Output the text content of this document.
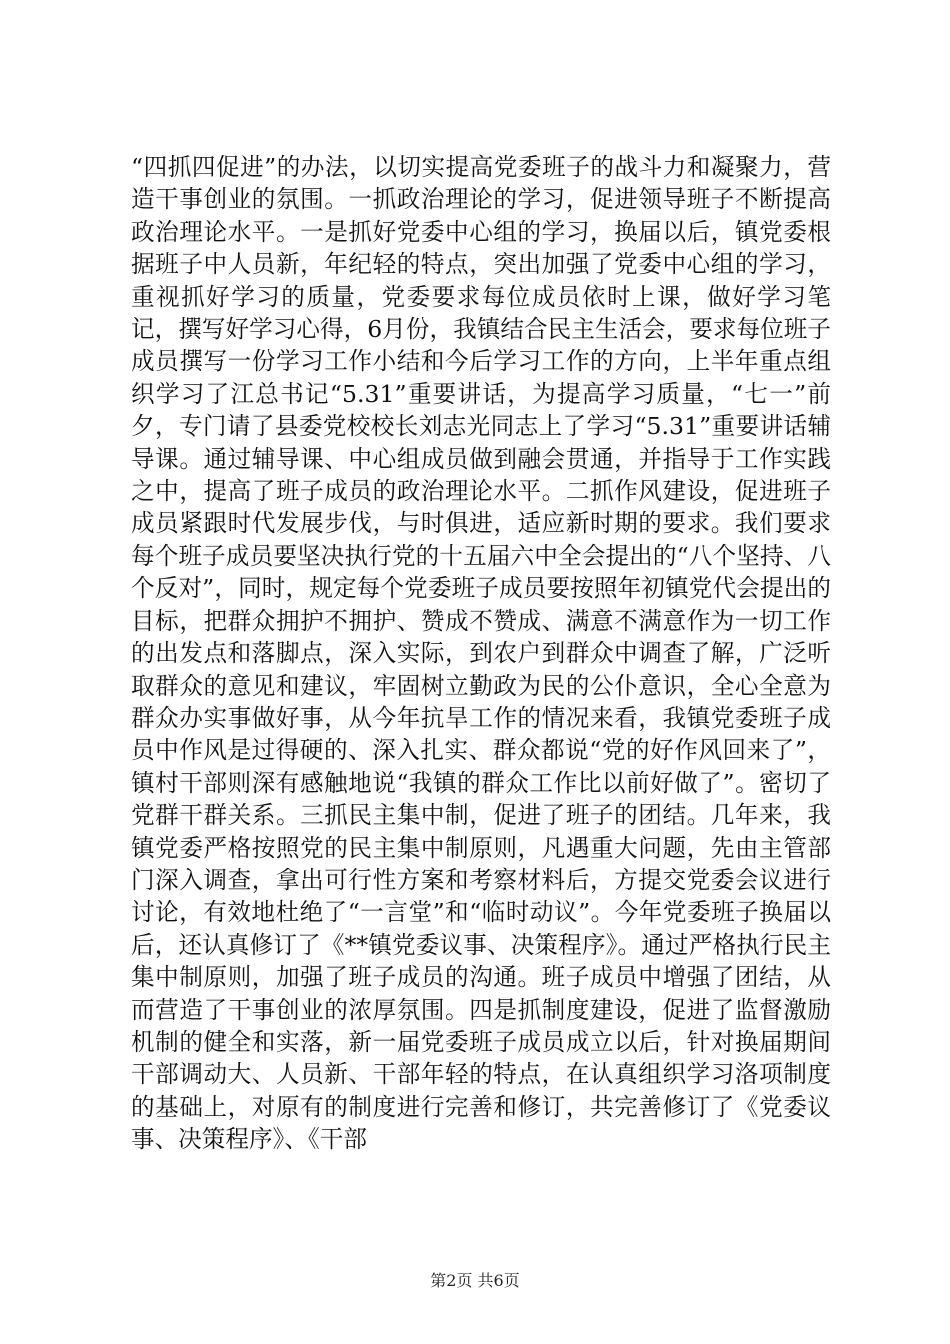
“四抓四促进”的办法，以切实提高党委班子的战斗力和凝聚力，营造干事创业的氛围。一抓政治理论的学习，促进领导班子不断提高政治理论水平。一是抓好党委中心组的学习，换届以后，镇党委根据班子中人员新，年纪轻的特点，突出加强了党委中心组的学习，重视抓好学习的质量，党委要求每位成员依时上课，做好学习笔记，撰写好学习心得，6月份，我镇结合民主生活会，要求每位班子成员撰写一份学习工作小结和今后学习工作的方向，上半年重点组织学习了江总书记“5.31”重要讲话，为提高学习质量，“七一”前夕，专门请了县委党校校长刘志光同志上了学习“5.31”重要讲话辅导课。通过辅导课、中心组成员做到融会贯通，并指导于工作实践之中，提高了班子成员的政治理论水平。二抓作风建设，促进班子成员紧跟时代发展步伐，与时俱进，适应新时期的要求。我们要求每个班子成员要坚决执行党的十五届六中全会提出的“八个坚持、八个反对”，同时，规定每个党委班子成员要按照年初镇党代会提出的目标，把群众拥护不拥护、赞成不赞成、满意不满意作为一切工作的出发点和落脚点，深入实际，到农户到群众中调查了解，广泛听取群众的意见和建议，牢固树立勤政为民的公仆意识，全心全意为群众办实事做好事，从今年抗旱工作的情况来看，我镇党委班子成员中作风是过得硬的、深入扎实、群众都说“党的好作风回来了”，镇村干部则深有感触地说“我镇的群众工作比以前好做了”。密切了党群干群关系。三抓民主集中制，促进了班子的团结。几年来，我镇党委严格按照党的民主集中制原则，凡遇重大问题，先由主管部门深入调查，拿出可行性方案和考察材料后，方提交党委会议进行讨论，有效地杜绝了“一言堂”和“临时动议”。今年党委班子换届以后，还认真修订了《**镇党委议事、决策程序》。通过严格执行民主集中制原则，加强了班子成员的沟通。班子成员中增强了团结，从而营造了干事创业的浓厚氛围。四是抓制度建设，促进了监督激励机制的健全和实落，新一届党委班子成员成立以后，针对换届期间干部调动大、人员新、干部年轻的特点，在认真组织学习洛项制度的基础上，对原有的制度进行完善和修订，共完善修订了《党委议事、决策程序》、《干部

第2页 共6页
